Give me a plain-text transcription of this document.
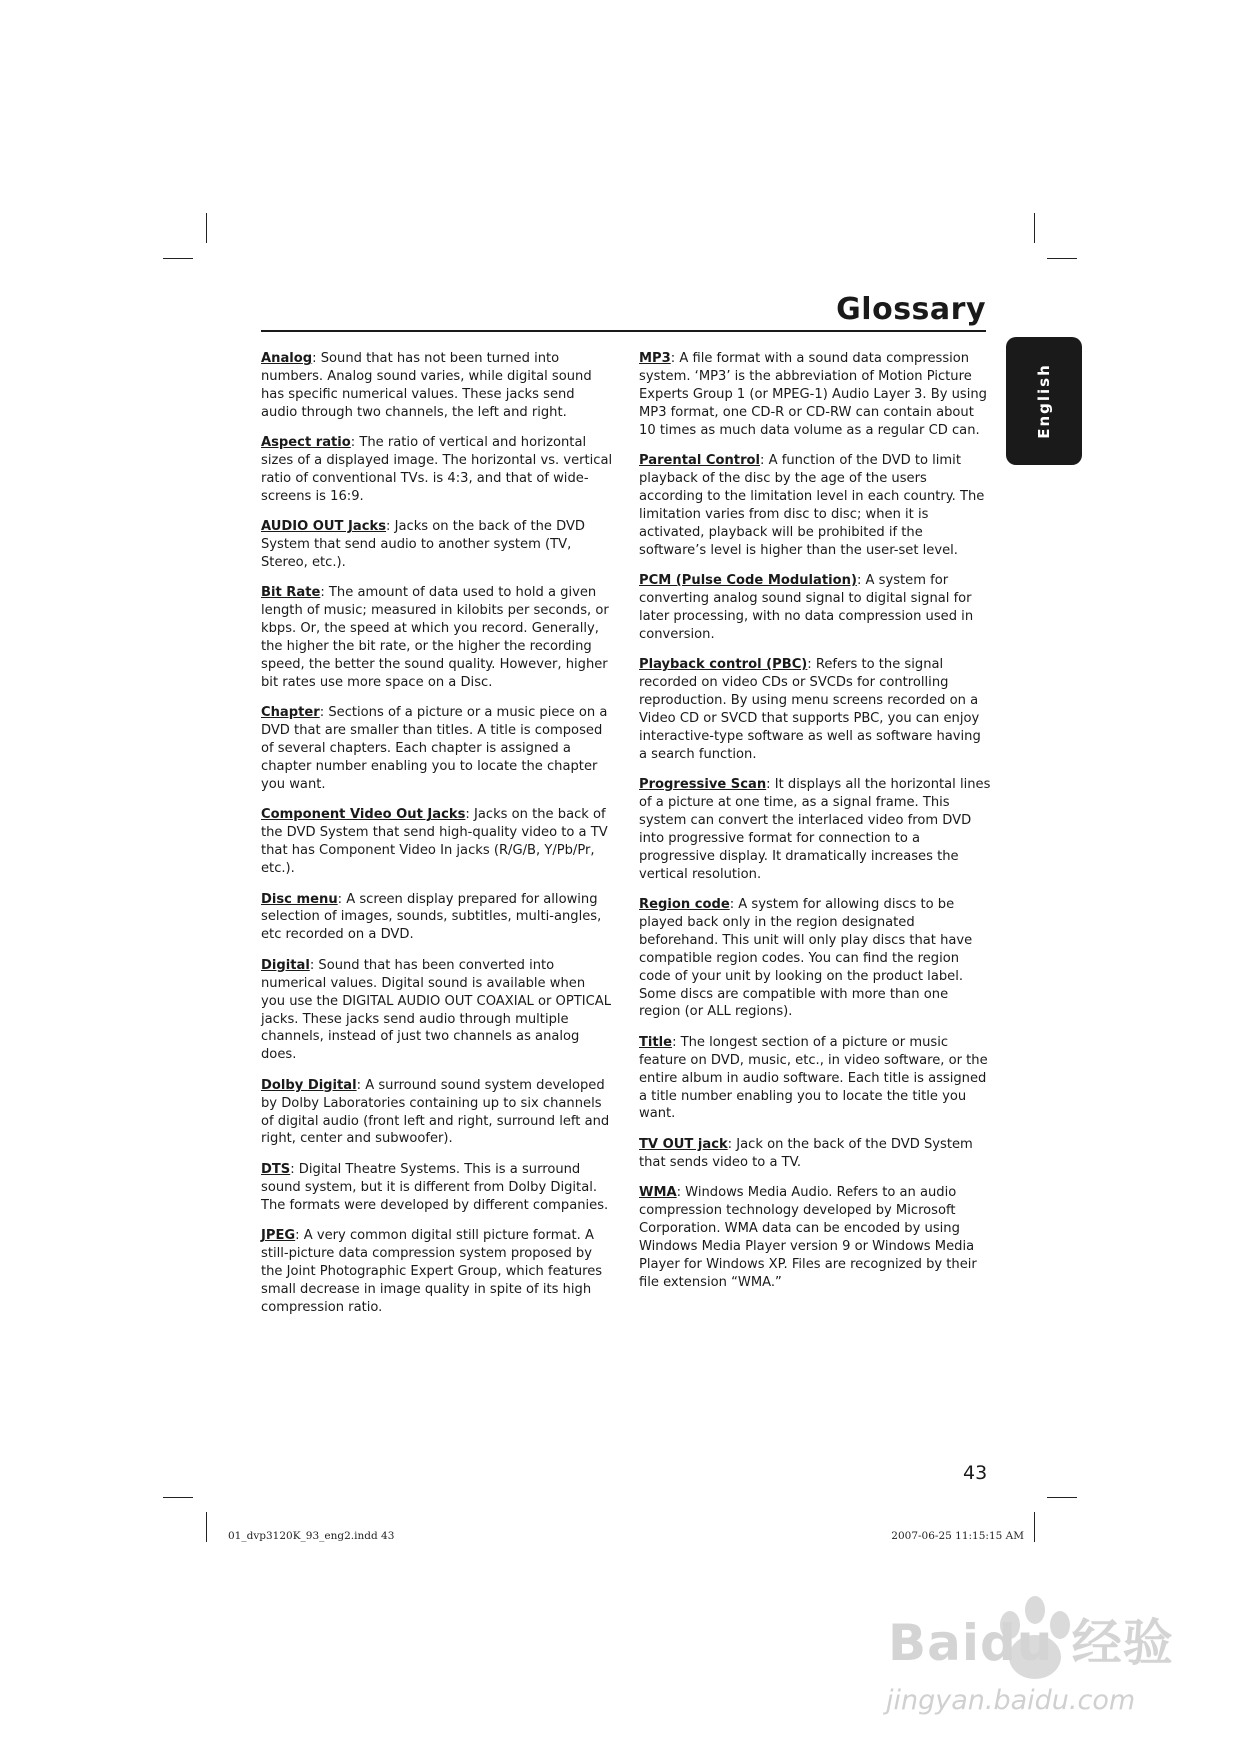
Glossary
English

Analog: Sound that has not been turned into numbers. Analog sound varies, while digital sound has specific numerical values. These jacks send audio through two channels, the left and right.

Aspect ratio: The ratio of vertical and horizontal sizes of a displayed image. The horizontal vs. vertical ratio of conventional TVs. is 4:3, and that of wide-screens is 16:9.

AUDIO OUT Jacks: Jacks on the back of the DVD System that send audio to another system (TV, Stereo, etc.).

Bit Rate: The amount of data used to hold a given length of music; measured in kilobits per seconds, or kbps. Or, the speed at which you record. Generally, the higher the bit rate, or the higher the recording speed, the better the sound quality. However, higher bit rates use more space on a Disc.

Chapter: Sections of a picture or a music piece on a DVD that are smaller than titles. A title is composed of several chapters. Each chapter is assigned a chapter number enabling you to locate the chapter you want.

Component Video Out Jacks: Jacks on the back of the DVD System that send high-quality video to a TV that has Component Video In jacks (R/G/B, Y/Pb/Pr, etc.).

Disc menu: A screen display prepared for allowing selection of images, sounds, subtitles, multi-angles, etc recorded on a DVD.

Digital: Sound that has been converted into numerical values. Digital sound is available when you use the DIGITAL AUDIO OUT COAXIAL or OPTICAL jacks. These jacks send audio through multiple channels, instead of just two channels as analog does.

Dolby Digital: A surround sound system developed by Dolby Laboratories containing up to six channels of digital audio (front left and right, surround left and right, center and subwoofer).

DTS: Digital Theatre Systems. This is a surround sound system, but it is different from Dolby Digital. The formats were developed by different companies.

JPEG: A very common digital still picture format. A still-picture data compression system proposed by the Joint Photographic Expert Group, which features small decrease in image quality in spite of its high compression ratio.

MP3: A file format with a sound data compression system. ‘MP3’ is the abbreviation of Motion Picture Experts Group 1 (or MPEG-1) Audio Layer 3. By using MP3 format, one CD-R or CD-RW can contain about 10 times as much data volume as a regular CD can.

Parental Control: A function of the DVD to limit playback of the disc by the age of the users according to the limitation level in each country. The limitation varies from disc to disc; when it is activated, playback will be prohibited if the software’s level is higher than the user-set level.

PCM (Pulse Code Modulation): A system for converting analog sound signal to digital signal for later processing, with no data compression used in conversion.

Playback control (PBC): Refers to the signal recorded on video CDs or SVCDs for controlling reproduction. By using menu screens recorded on a Video CD or SVCD that supports PBC, you can enjoy interactive-type software as well as software having a search function.

Progressive Scan: It displays all the horizontal lines of a picture at one time, as a signal frame. This system can convert the interlaced video from DVD into progressive format for connection to a progressive display. It dramatically increases the vertical resolution.

Region code: A system for allowing discs to be played back only in the region designated beforehand. This unit will only play discs that have compatible region codes. You can find the region code of your unit by looking on the product label. Some discs are compatible with more than one region (or ALL regions).

Title: The longest section of a picture or music feature on DVD, music, etc., in video software, or the entire album in audio software. Each title is assigned a title number enabling you to locate the title you want.

TV OUT jack: Jack on the back of the DVD System that sends video to a TV.

WMA: Windows Media Audio. Refers to an audio compression technology developed by Microsoft Corporation. WMA data can be encoded by using Windows Media Player version 9 or Windows Media Player for Windows XP. Files are recognized by their file extension “WMA.”

43
01_dvp3120K_93_eng2.indd 43	2007-06-25 11:15:15 AM
Baidu 经验
jingyan.baidu.com
